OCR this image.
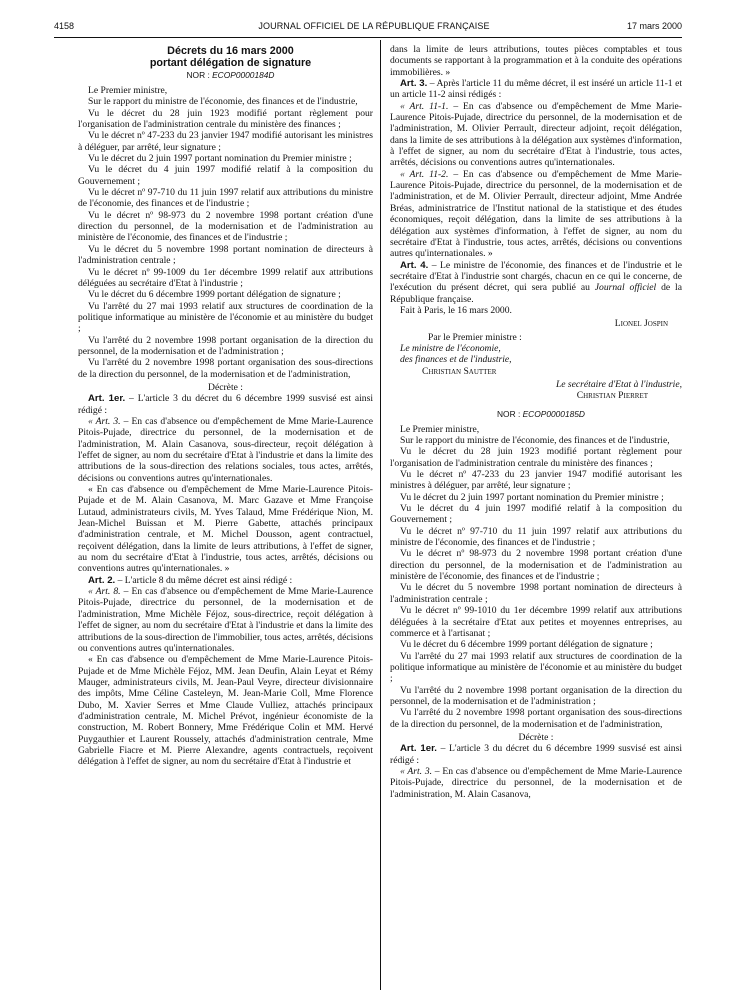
4158	JOURNAL OFFICIEL DE LA RÉPUBLIQUE FRANÇAISE	17 mars 2000

Décrets du 16 mars 2000

portant délégation de signature

NOR : ECOP0000184D

Le Premier ministre,

Sur le rapport du ministre de l'économie, des finances et de l'industrie,

Vu le décret du 28 juin 1923 modifié portant règlement pour l'organisation de l'administration centrale du ministère des finances ;

Vu le décret nº 47-233 du 23 janvier 1947 modifié autorisant les ministres à déléguer, par arrêté, leur signature ;

Vu le décret du 2 juin 1997 portant nomination du Premier ministre ;

Vu le décret du 4 juin 1997 modifié relatif à la composition du Gouvernement ;

Vu le décret nº 97-710 du 11 juin 1997 relatif aux attributions du ministre de l'économie, des finances et de l'industrie ;

Vu le décret nº 98-973 du 2 novembre 1998 portant création d'une direction du personnel, de la modernisation et de l'administration au ministère de l'économie, des finances et de l'industrie ;

Vu le décret du 5 novembre 1998 portant nomination de directeurs à l'administration centrale ;

Vu le décret nº 99-1009 du 1er décembre 1999 relatif aux attributions déléguées au secrétaire d'Etat à l'industrie ;

Vu le décret du 6 décembre 1999 portant délégation de signature ;

Vu l'arrêté du 27 mai 1993 relatif aux structures de coordination de la politique informatique au ministère de l'économie et au ministère du budget ;

Vu l'arrêté du 2 novembre 1998 portant organisation de la direction du personnel, de la modernisation et de l'administration ;

Vu l'arrêté du 2 novembre 1998 portant organisation des sous-directions de la direction du personnel, de la modernisation et de l'administration,

Décrète :

Art. 1er. – L'article 3 du décret du 6 décembre 1999 susvisé est ainsi rédigé :

« Art. 3. – En cas d'absence ou d'empêchement de Mme Marie-Laurence Pitois-Pujade, directrice du personnel, de la modernisation et de l'administration, M. Alain Casanova, sous-directeur, reçoit délégation à l'effet de signer, au nom du secrétaire d'Etat à l'industrie et dans la limite des attributions de la sous-direction des relations sociales, tous actes, arrêtés, décisions ou conventions autres qu'internationales.

« En cas d'absence ou d'empêchement de Mme Marie-Laurence Pitois-Pujade et de M. Alain Casanova, M. Marc Gazave et Mme Françoise Lutaud, administrateurs civils, M. Yves Talaud, Mme Frédérique Nion, M. Jean-Michel Buissan et M. Pierre Gabette, attachés principaux d'administration centrale, et M. Michel Dousson, agent contractuel, reçoivent délégation, dans la limite de leurs attributions, à l'effet de signer, au nom du secrétaire d'Etat à l'industrie, tous actes, arrêtés, décisions ou conventions autres qu'internationales. »

Art. 2. – L'article 8 du même décret est ainsi rédigé :

« Art. 8. – En cas d'absence ou d'empêchement de Mme Marie-Laurence Pitois-Pujade, directrice du personnel, de la modernisation et de l'administration, Mme Michèle Féjoz, sous-directrice, reçoit délégation à l'effet de signer, au nom du secrétaire d'Etat à l'industrie et dans la limite des attributions de la sous-direction de l'immobilier, tous actes, arrêtés, décisions ou conventions autres qu'internationales.

« En cas d'absence ou d'empêchement de Mme Marie-Laurence Pitois-Pujade et de Mme Michèle Féjoz, MM. Jean Deufin, Alain Leyat et Rémy Mauger, administrateurs civils, M. Jean-Paul Veyre, directeur divisionnaire des impôts, Mme Céline Casteleyn, M. Jean-Marie Coll, Mme Florence Dubo, M. Xavier Serres et Mme Claude Vulliez, attachés principaux d'administration centrale, M. Michel Prévot, ingénieur économiste de la construction, M. Robert Bonnery, Mme Frédérique Colin et MM. Hervé Puygauthier et Laurent Roussely, attachés d'administration centrale, Mme Gabrielle Fiacre et M. Pierre Alexandre, agents contractuels, reçoivent délégation à l'effet de signer, au nom du secrétaire d'Etat à l'industrie et

dans la limite de leurs attributions, toutes pièces comptables et tous documents se rapportant à la programmation et à la conduite des opérations immobilières. »

Art. 3. – Après l'article 11 du même décret, il est inséré un article 11-1 et un article 11-2 ainsi rédigés :

« Art. 11-1. – En cas d'absence ou d'empêchement de Mme Marie-Laurence Pitois-Pujade, directrice du personnel, de la modernisation et de l'administration, M. Olivier Perrault, directeur adjoint, reçoit délégation, dans la limite de ses attributions à la délégation aux systèmes d'information, à l'effet de signer, au nom du secrétaire d'Etat à l'industrie, tous actes, arrêtés, décisions ou conventions autres qu'internationales.

« Art. 11-2. – En cas d'absence ou d'empêchement de Mme Marie-Laurence Pitois-Pujade, directrice du personnel, de la modernisation et de l'administration, et de M. Olivier Perrault, directeur adjoint, Mme Andrée Bréas, administratrice de l'Institut national de la statistique et des études économiques, reçoit délégation, dans la limite de ses attributions à la délégation aux systèmes d'information, à l'effet de signer, au nom du secrétaire d'Etat à l'industrie, tous actes, arrêtés, décisions ou conventions autres qu'internationales. »

Art. 4. – Le ministre de l'économie, des finances et de l'industrie et le secrétaire d'Etat à l'industrie sont chargés, chacun en ce qui le concerne, de l'exécution du présent décret, qui sera publié au Journal officiel de la République française.

Fait à Paris, le 16 mars 2000.

Lionel Jospin

Par le Premier ministre :

Le ministre de l'économie,

des finances et de l'industrie,

Christian Sautter

Le secrétaire d'Etat à l'industrie,

Christian Pierret

NOR : ECOP0000185D

Le Premier ministre,

Sur le rapport du ministre de l'économie, des finances et de l'industrie,

Vu le décret du 28 juin 1923 modifié portant règlement pour l'organisation de l'administration centrale du ministère des finances ;

Vu le décret nº 47-233 du 23 janvier 1947 modifié autorisant les ministres à déléguer, par arrêté, leur signature ;

Vu le décret du 2 juin 1997 portant nomination du Premier ministre ;

Vu le décret du 4 juin 1997 modifié relatif à la composition du Gouvernement ;

Vu le décret nº 97-710 du 11 juin 1997 relatif aux attributions du ministre de l'économie, des finances et de l'industrie ;

Vu le décret nº 98-973 du 2 novembre 1998 portant création d'une direction du personnel, de la modernisation et de l'administration au ministère de l'économie, des finances et de l'industrie ;

Vu le décret du 5 novembre 1998 portant nomination de directeurs à l'administration centrale ;

Vu le décret nº 99-1010 du 1er décembre 1999 relatif aux attributions déléguées à la secrétaire d'Etat aux petites et moyennes entreprises, au commerce et à l'artisanat ;

Vu le décret du 6 décembre 1999 portant délégation de signature ;

Vu l'arrêté du 27 mai 1993 relatif aux structures de coordination de la politique informatique au ministère de l'économie et au ministère du budget ;

Vu l'arrêté du 2 novembre 1998 portant organisation de la direction du personnel, de la modernisation et de l'administration ;

Vu l'arrêté du 2 novembre 1998 portant organisation des sous-directions de la direction du personnel, de la modernisation et de l'administration,

Décrète :

Art. 1er. – L'article 3 du décret du 6 décembre 1999 susvisé est ainsi rédigé :

« Art. 3. – En cas d'absence ou d'empêchement de Mme Marie-Laurence Pitois-Pujade, directrice du personnel, de la modernisation et de l'administration, M. Alain Casanova,
